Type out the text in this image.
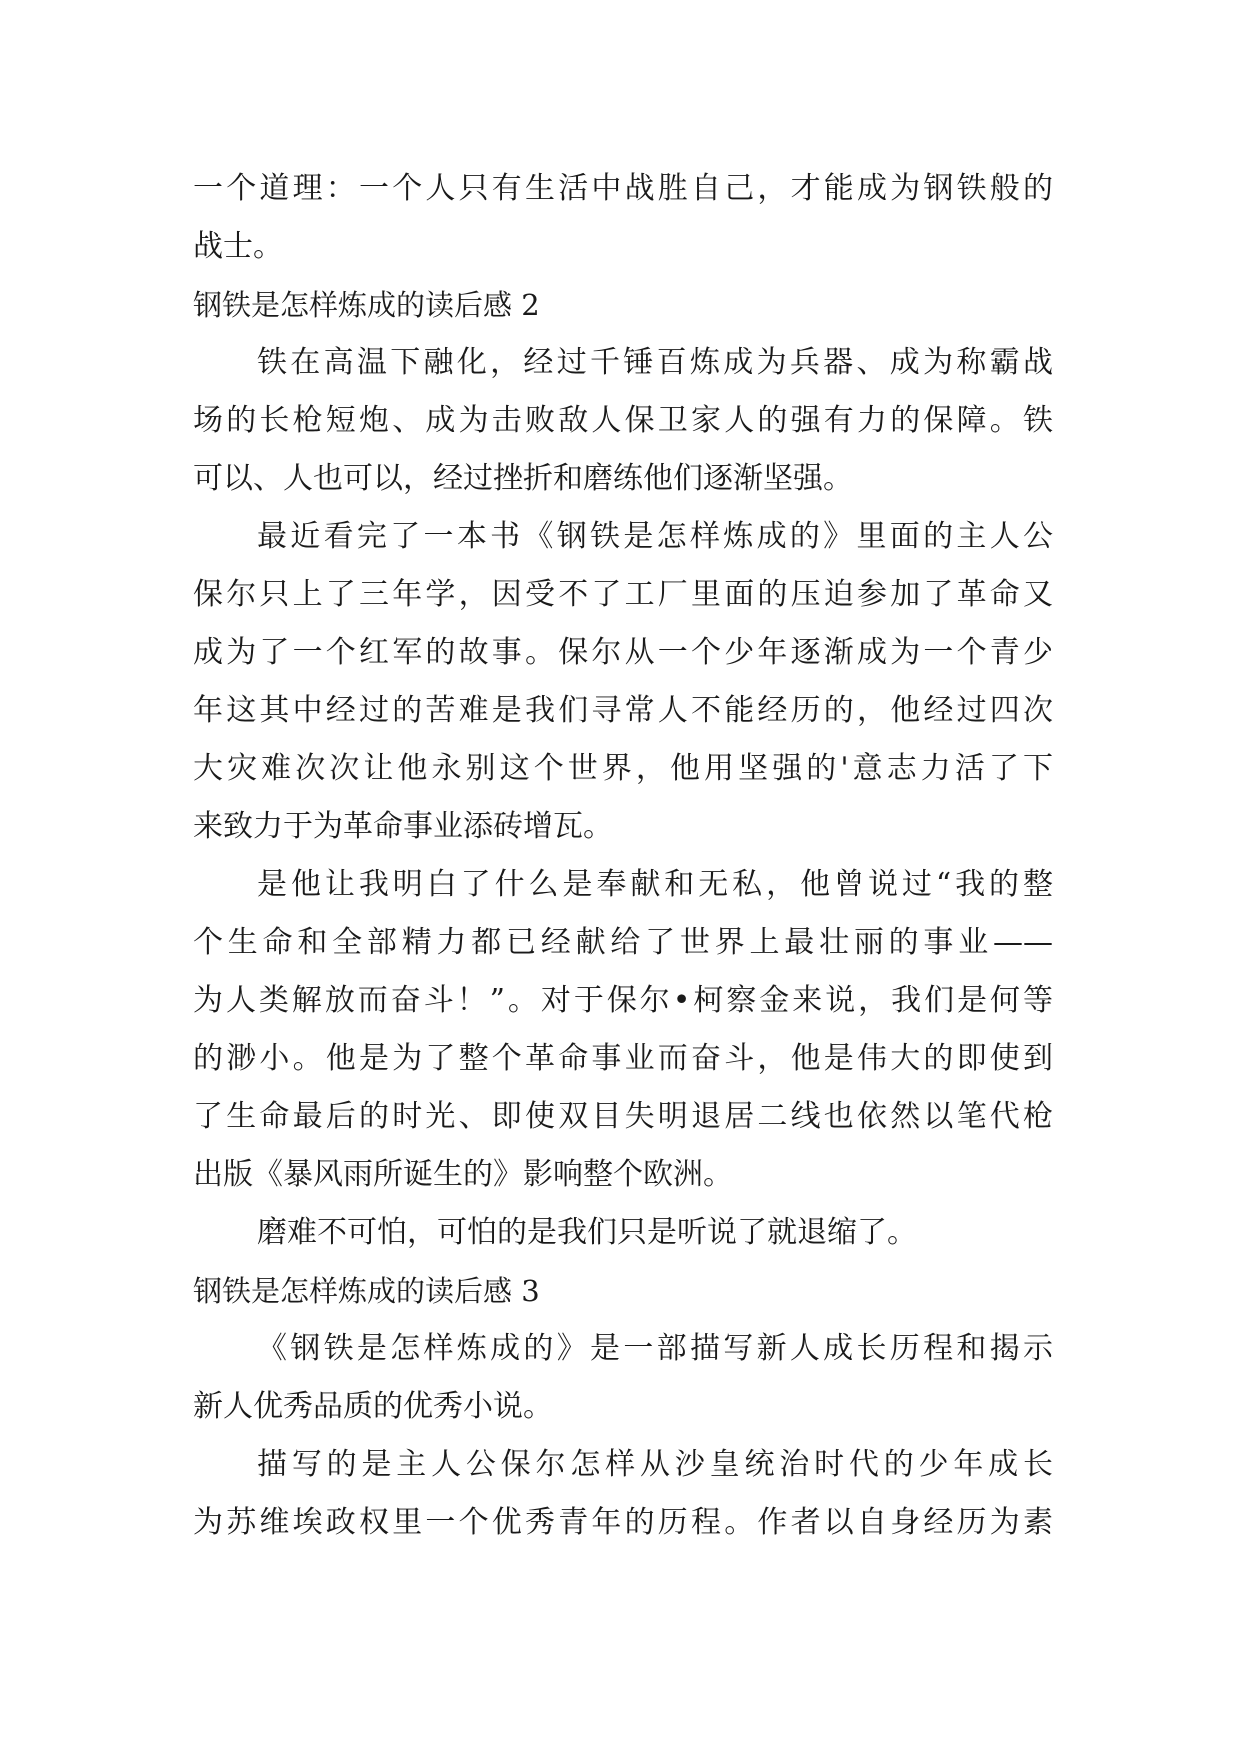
一个道理：一个人只有生活中战胜自己，才能成为钢铁般的
战士。
钢铁是怎样炼成的读后感 2
铁在高温下融化，经过千锤百炼成为兵器、成为称霸战
场的长枪短炮、成为击败敌人保卫家人的强有力的保障。铁
可以、人也可以，经过挫折和磨练他们逐渐坚强。
最近看完了一本书《钢铁是怎样炼成的》里面的主人公
保尔只上了三年学，因受不了工厂里面的压迫参加了革命又
成为了一个红军的故事。保尔从一个少年逐渐成为一个青少
年这其中经过的苦难是我们寻常人不能经历的，他经过四次
大灾难次次让他永别这个世界，他用坚强的'意志力活了下
来致力于为革命事业添砖增瓦。
是他让我明白了什么是奉献和无私，他曾说过“我的整
个生命和全部精力都已经献给了世界上最壮丽的事业——
为人类解放而奋斗！”。对于保尔•柯察金来说，我们是何等
的渺小。他是为了整个革命事业而奋斗，他是伟大的即使到
了生命最后的时光、即使双目失明退居二线也依然以笔代枪
出版《暴风雨所诞生的》影响整个欧洲。
磨难不可怕，可怕的是我们只是听说了就退缩了。
钢铁是怎样炼成的读后感 3
《钢铁是怎样炼成的》是一部描写新人成长历程和揭示
新人优秀品质的优秀小说。
描写的是主人公保尔怎样从沙皇统治时代的少年成长
为苏维埃政权里一个优秀青年的历程。作者以自身经历为素
